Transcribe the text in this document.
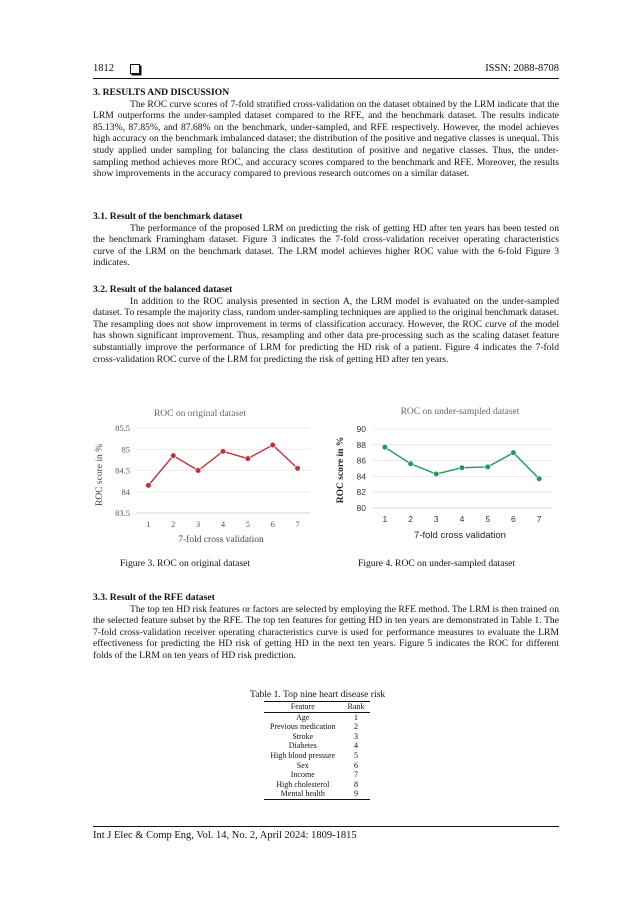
1812	ISSN: 2088-8708
3. RESULTS AND DISCUSSION

The ROC curve scores of 7-fold stratified cross-validation on the dataset obtained by the LRM indicate that the LRM outperforms the under-sampled dataset compared to the RFE, and the benchmark dataset. The results indicate 85.13%, 87.85%, and 87.68% on the benchmark, under-sampled, and RFE respectively. However, the model achieves high accuracy on the benchmark imbalanced dataset; the distribution of the positive and negative classes is unequal. This study applied under sampling for balancing the class destitution of positive and negative classes. Thus, the under-sampling method achieves more ROC, and accuracy scores compared to the benchmark and RFE. Moreover, the results show improvements in the accuracy compared to previous research outcomes on a similar dataset.

3.1. Result of the benchmark dataset

The performance of the proposed LRM on predicting the risk of getting HD after ten years has been tested on the benchmark Framingham dataset. Figure 3 indicates the 7-fold cross-validation receiver operating characteristics curve of the LRM on the benchmark dataset. The LRM model achieves higher ROC value with the 6-fold Figure 3 indicates.

3.2. Result of the balanced dataset

In addition to the ROC analysis presented in section A, the LRM model is evaluated on the under-sampled dataset. To resample the majority class, random under-sampling techniques are applied to the original benchmark dataset. The resampling does not show improvement in terms of classification accuracy. However, the ROC curve of the model has shown significant improvement. Thus, resampling and other data pre-processing such as the scaling dataset feature substantially improve the performance of LRM for predicting the HD risk of a patient. Figure 4 indicates the 7-fold cross-validation ROC curve of the LRM for predicting the risk of getting HD after ten years.

ROC on original dataset
83.5
84
84.5
85
85.5
1 2 3 4 5 6 7
7-fold cross validation
ROC score in %
ROC on under-sampled dataset
80
82
84
86
88
90
1 2 3 4 5 6 7
7-fold cross validation
ROC score in %
Figure 3. ROC on original dataset	Figure 4. ROC on under-sampled dataset
3.3. Result of the RFE dataset

The top ten HD risk features or factors are selected by employing the RFE method. The LRM is then trained on the selected feature subset by the RFE. The top ten features for getting HD in ten years are demonstrated in Table 1. The 7-fold cross-validation receiver operating characteristics curve is used for performance measures to evaluate the LRM effectiveness for predicting the HD risk of getting HD in the next ten years. Figure 5 indicates the ROC for different folds of the LRM on ten years of HD risk prediction.

Table 1. Top nine heart disease risk
Feature	Rank
Age	1
Previous medication	2
Stroke	3
Diabetes	4
High blood pressure	5
Sex	6
Income	7
High cholesterol	8
Mental health	9
Int J Elec & Comp Eng, Vol. 14, No. 2, April 2024: 1809-1815
